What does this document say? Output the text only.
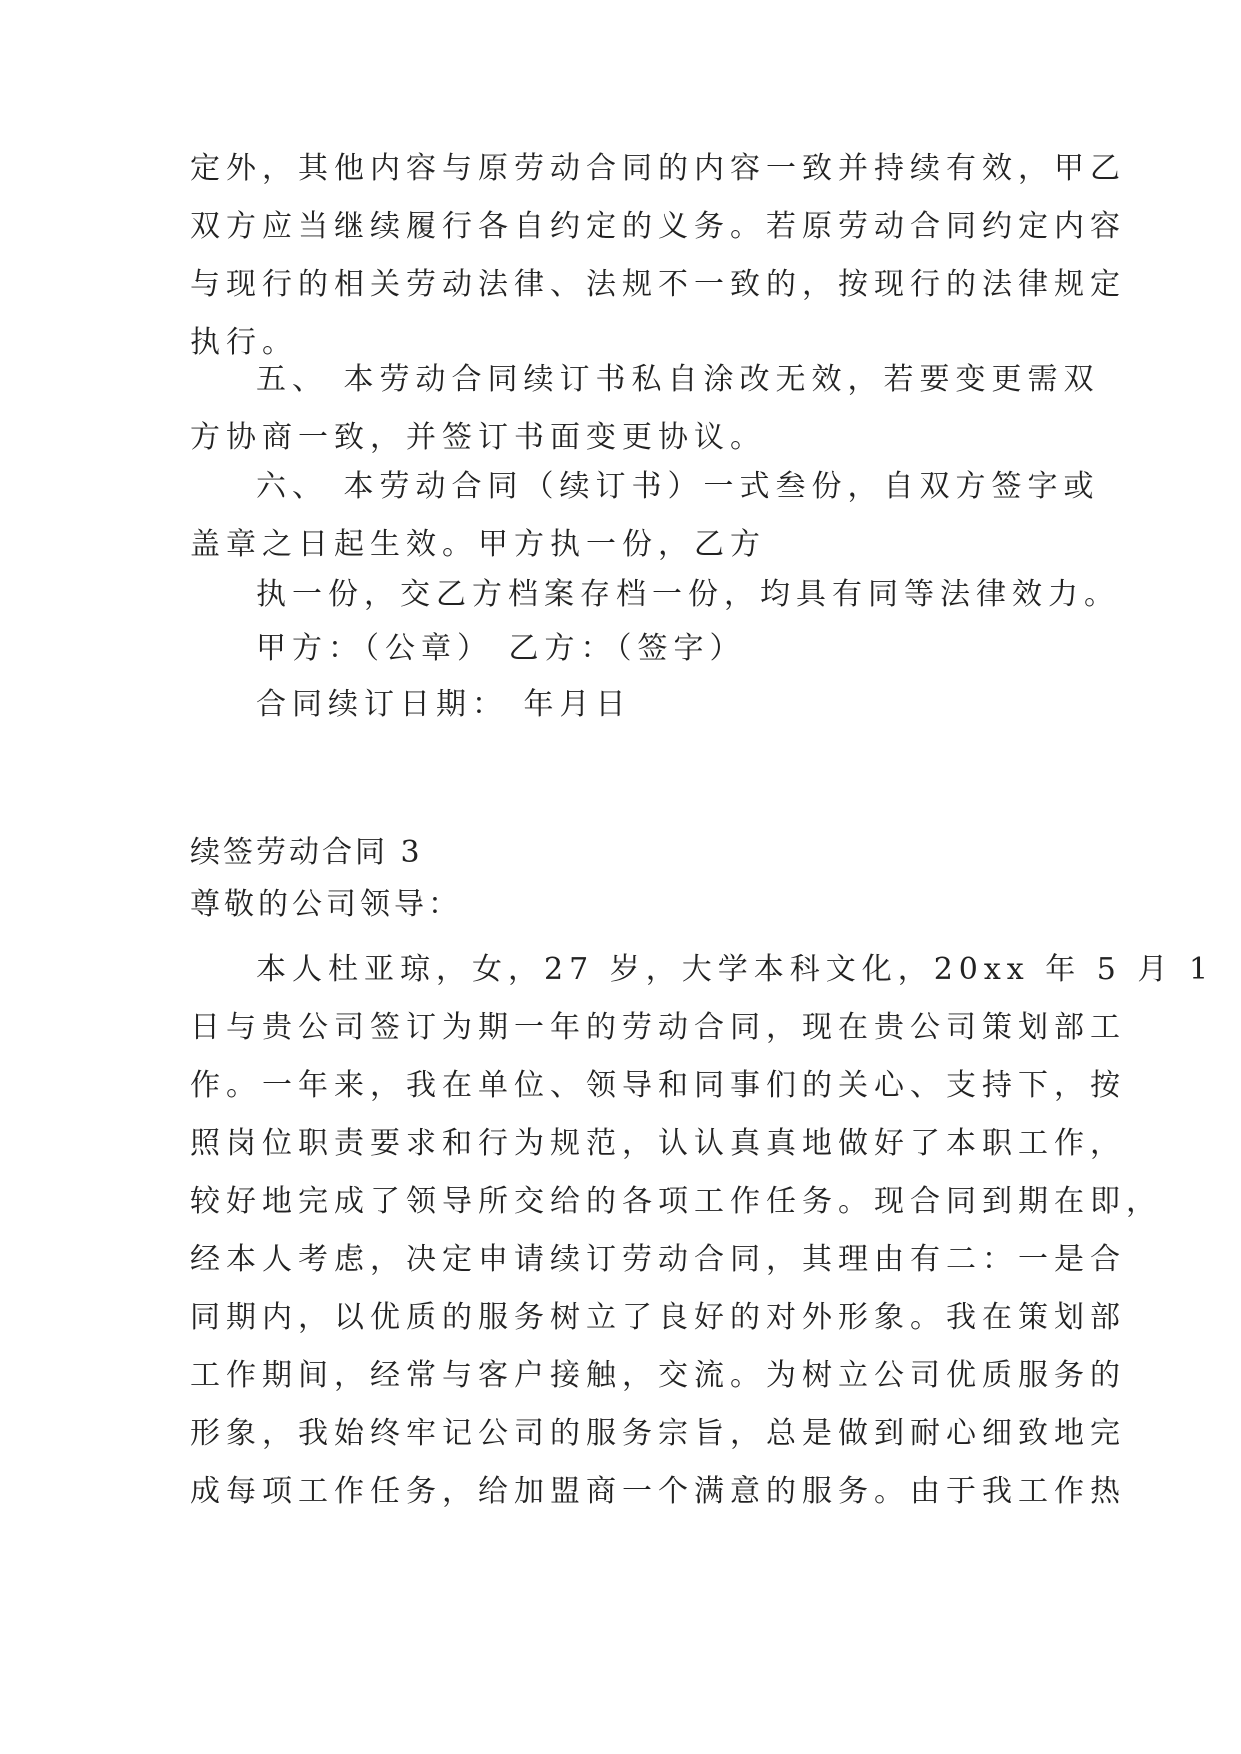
定外，其他内容与原劳动合同的内容一致并持续有效，甲乙
双方应当继续履行各自约定的义务。若原劳动合同约定内容
与现行的相关劳动法律、法规不一致的，按现行的法律规定
执行。
五、 本劳动合同续订书私自涂改无效，若要变更需双
方协商一致，并签订书面变更协议。
六、 本劳动合同（续订书）一式叁份，自双方签字或
盖章之日起生效。甲方执一份，乙方
执一份，交乙方档案存档一份，均具有同等法律效力。
甲方：（公章） 乙方：（签字）
合同续订日期： 年月日
续签劳动合同 3
尊敬的公司领导：
本人杜亚琼，女，27 岁，大学本科文化，20xx 年 5 月 1
日与贵公司签订为期一年的劳动合同，现在贵公司策划部工
作。一年来，我在单位、领导和同事们的关心、支持下，按
照岗位职责要求和行为规范，认认真真地做好了本职工作，
较好地完成了领导所交给的各项工作任务。现合同到期在即，
经本人考虑，决定申请续订劳动合同，其理由有二：一是合
同期内，以优质的服务树立了良好的对外形象。我在策划部
工作期间，经常与客户接触，交流。为树立公司优质服务的
形象，我始终牢记公司的服务宗旨，总是做到耐心细致地完
成每项工作任务，给加盟商一个满意的服务。由于我工作热
